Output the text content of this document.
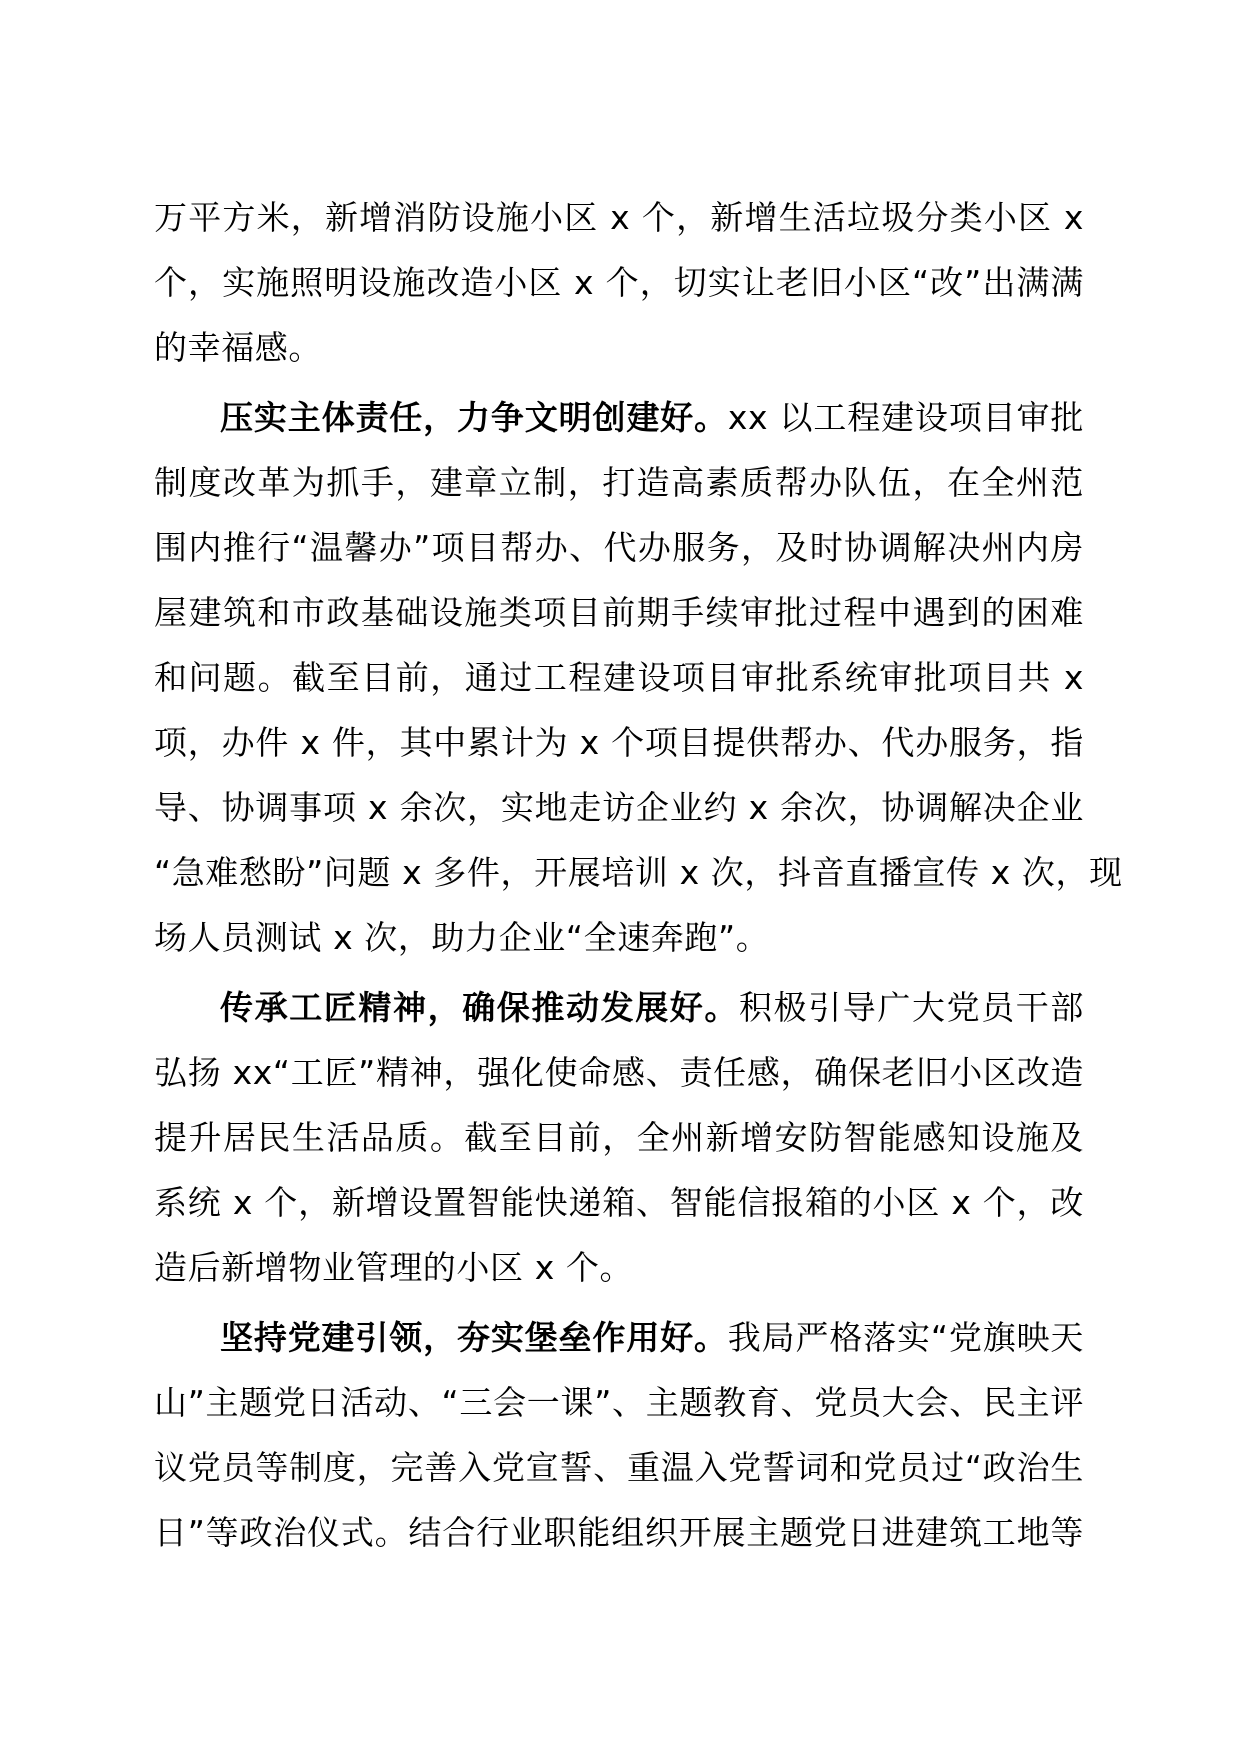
万平方米，新增消防设施小区 x 个，新增生活垃圾分类小区 x
个，实施照明设施改造小区 x 个，切实让老旧小区“改”出满满
的幸福感。
压实主体责任，力争文明创建好。xx 以工程建设项目审批
制度改革为抓手，建章立制，打造高素质帮办队伍，在全州范
围内推行“温馨办”项目帮办、代办服务，及时协调解决州内房
屋建筑和市政基础设施类项目前期手续审批过程中遇到的困难
和问题。截至目前，通过工程建设项目审批系统审批项目共 x
项，办件 x 件，其中累计为 x 个项目提供帮办、代办服务，指
导、协调事项 x 余次，实地走访企业约 x 余次，协调解决企业
“急难愁盼”问题 x 多件，开展培训 x 次，抖音直播宣传 x 次，现
场人员测试 x 次，助力企业“全速奔跑”。
传承工匠精神，确保推动发展好。积极引导广大党员干部
弘扬 xx“工匠”精神，强化使命感、责任感，确保老旧小区改造
提升居民生活品质。截至目前，全州新增安防智能感知设施及
系统 x 个，新增设置智能快递箱、智能信报箱的小区 x 个，改
造后新增物业管理的小区 x 个。
坚持党建引领，夯实堡垒作用好。我局严格落实“党旗映天
山”主题党日活动、“三会一课”、主题教育、党员大会、民主评
议党员等制度，完善入党宣誓、重温入党誓词和党员过“政治生
日”等政治仪式。结合行业职能组织开展主题党日进建筑工地等
